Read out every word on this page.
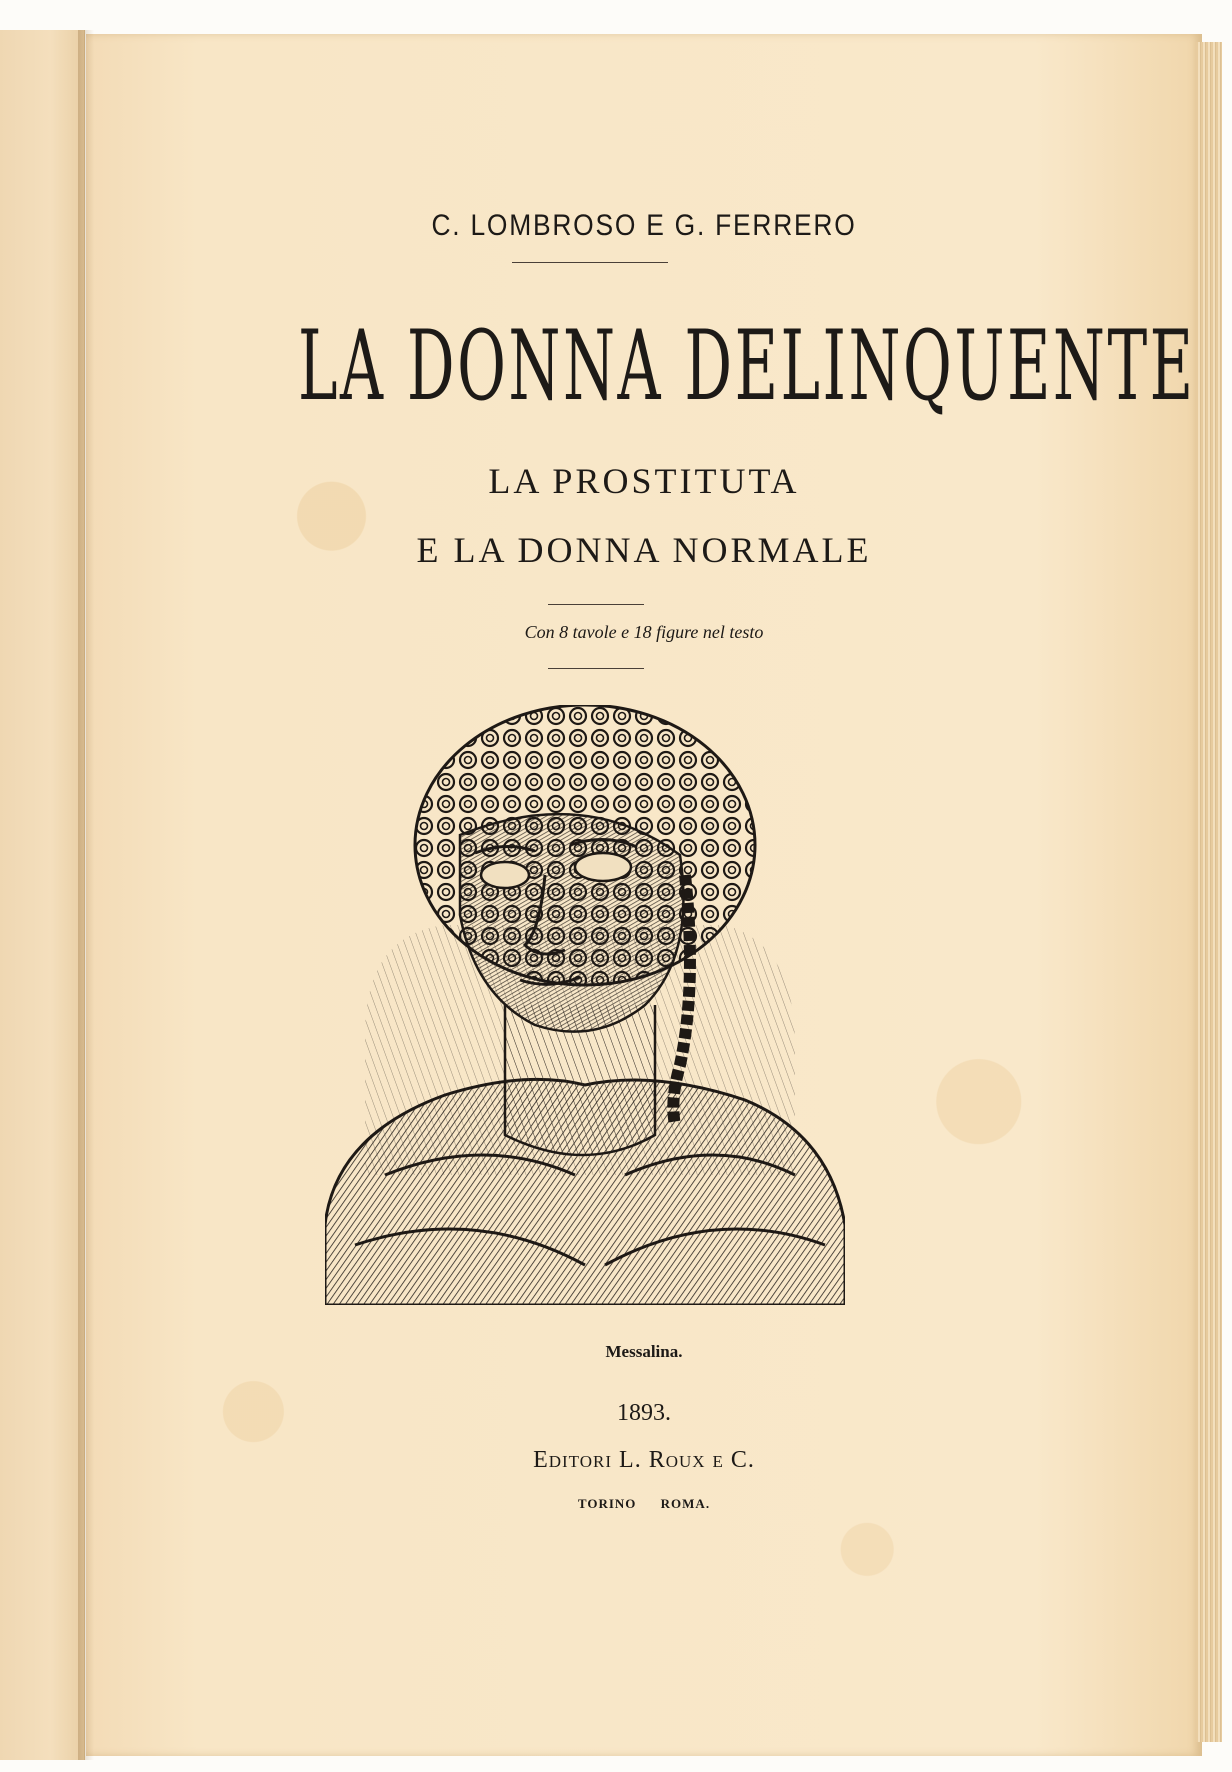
C. LOMBROSO E G. FERRERO

LA DONNA DELINQUENTE

LA PROSTITUTA

E LA DONNA NORMALE

Con 8 tavole e 18 figure nel testo

Messalina.

1893.

Editori L. Roux e C.

TORINO ROMA.
